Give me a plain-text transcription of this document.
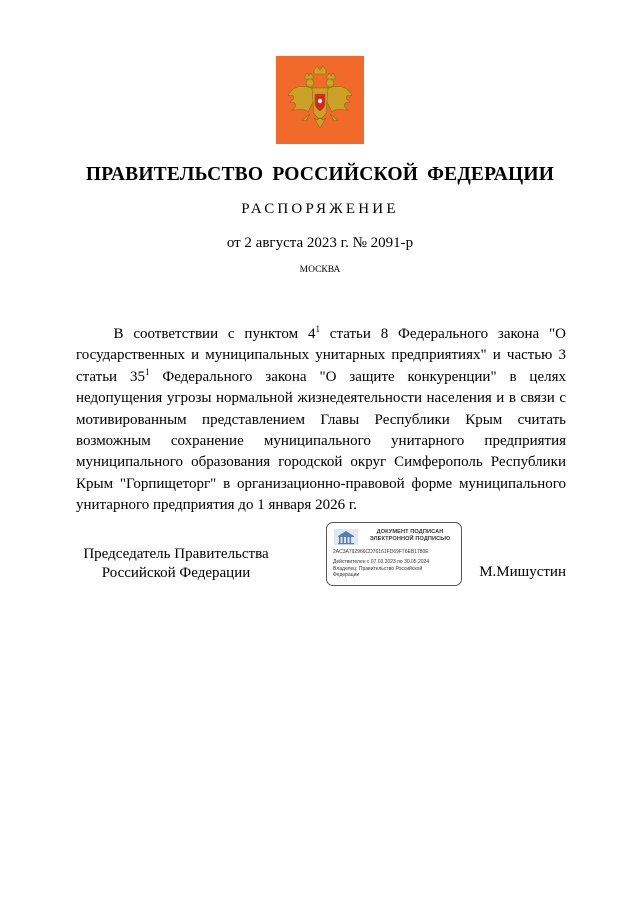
ПРАВИТЕЛЬСТВО РОССИЙСКОЙ ФЕДЕРАЦИИ
РАСПОРЯЖЕНИЕ
от 2 августа 2023 г. № 2091-р
МОСКВА
   В соответствии с пунктом $4^1$ статьи 8 Федерального закона "О государственных и муниципальных унитарных предприятиях" и частью 3 статьи $35^1$ Федерального закона "О защите конкуренции" в целях недопущения угрозы нормальной жизнедеятельности населения и в связи с мотивированным представлением Главы Республики Крым считать возможным сохранение муниципального унитарного предприятия муниципального образования городской округ Симферополь Республики Крым "Горпищеторг" в организационно-правовой форме муниципального унитарного предприятия до 1 января 2026 г.
Председатель Правительства
Российской Федерации
ДОКУМЕНТ ПОДПИСАН
ЭЛЕКТРОННОЙ ПОДПИСЬЮ
2AC3A792966CD76161FD69F76EB1780E
Действителен с 07.03.2023 по 30.05.2024
Владелец: Правительство Российской
Федерации	М.Мишустин
